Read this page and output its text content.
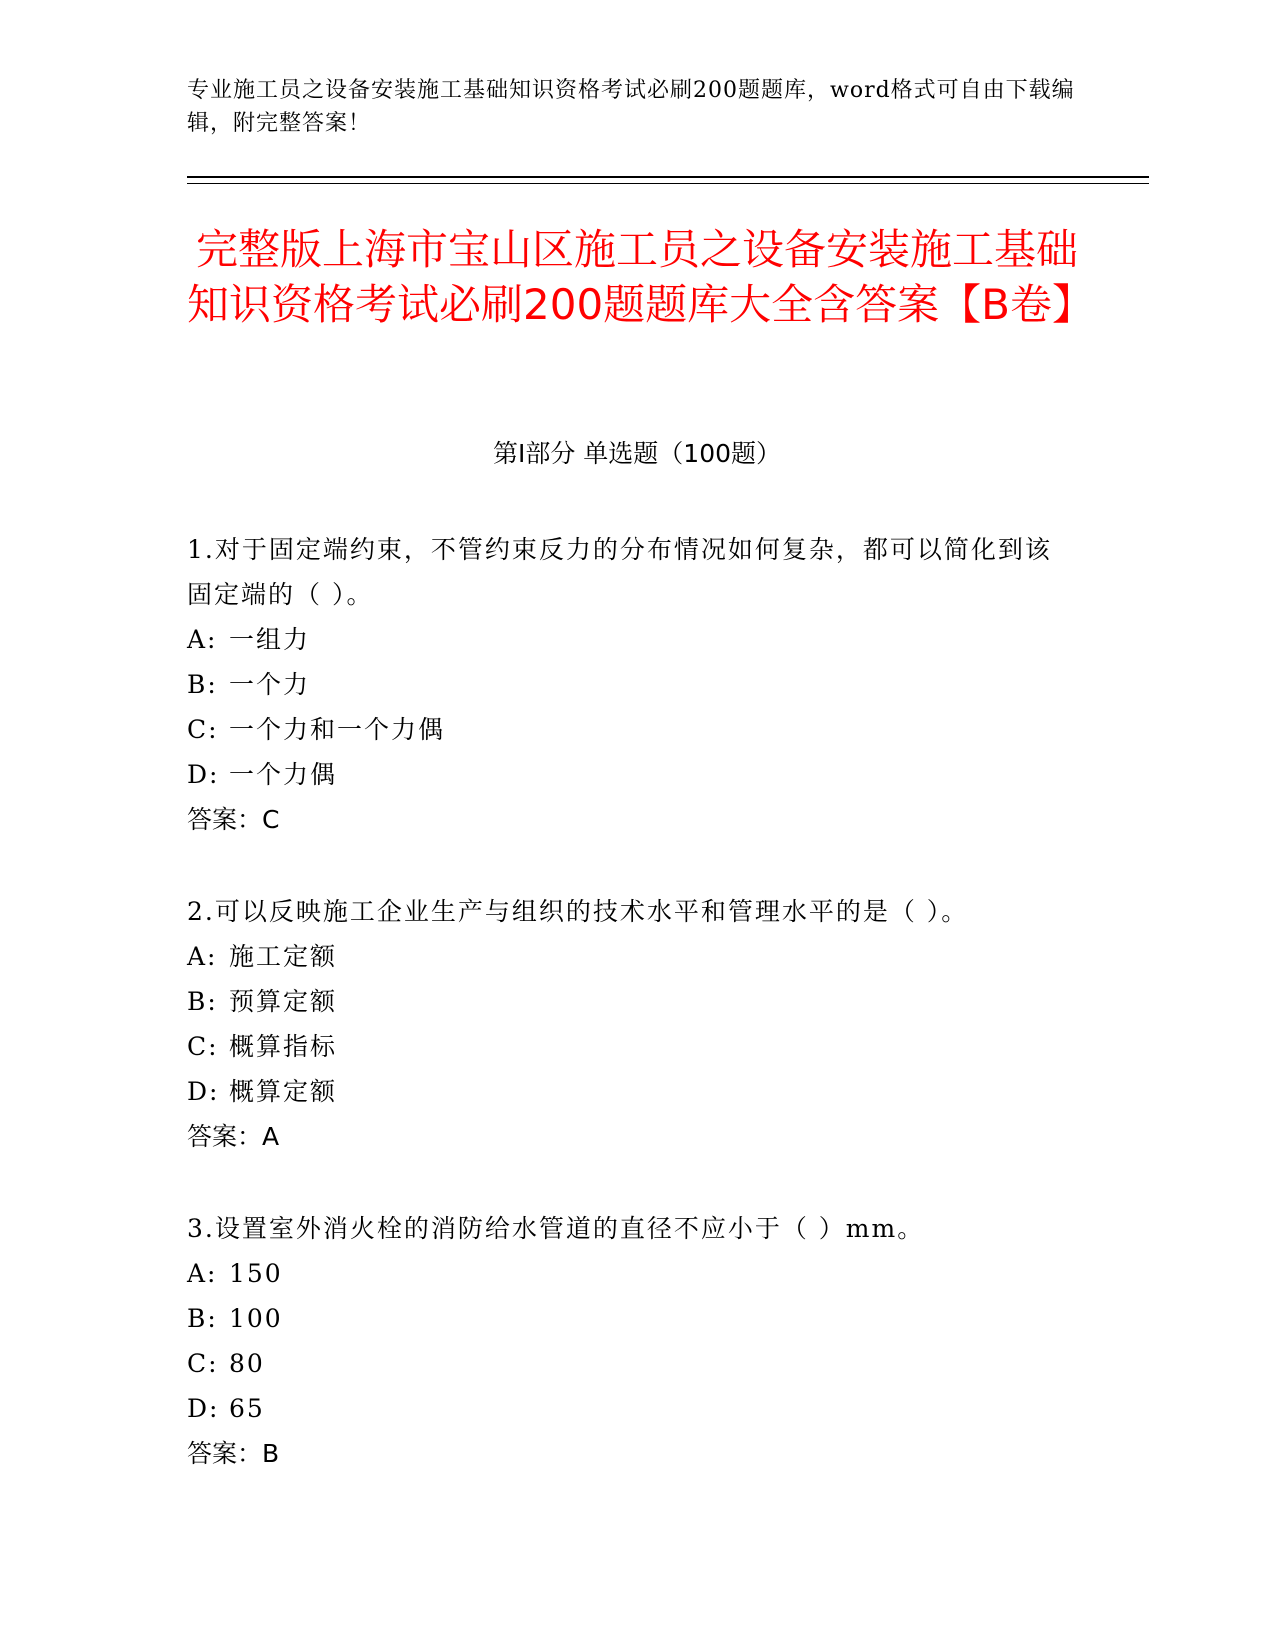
专业施工员之设备安装施工基础知识资格考试必刷200题题库，word格式可自由下载编辑，附完整答案！
完整版上海市宝山区施工员之设备安装施工基础知识资格考试必刷200题题库大全含答案【B卷】
第Ⅰ部分 单选题（100题）
1.对于固定端约束，不管约束反力的分布情况如何复杂，都可以简化到该固定端的（ ）。
A: 一组力
B: 一个力
C: 一个力和一个力偶
D: 一个力偶
答案：C
2.可以反映施工企业生产与组织的技术水平和管理水平的是（ ）。
A: 施工定额
B: 预算定额
C: 概算指标
D: 概算定额
答案：A
3.设置室外消火栓的消防给水管道的直径不应小于（ ）mm。
A: 150
B: 100
C: 80
D: 65
答案：B
